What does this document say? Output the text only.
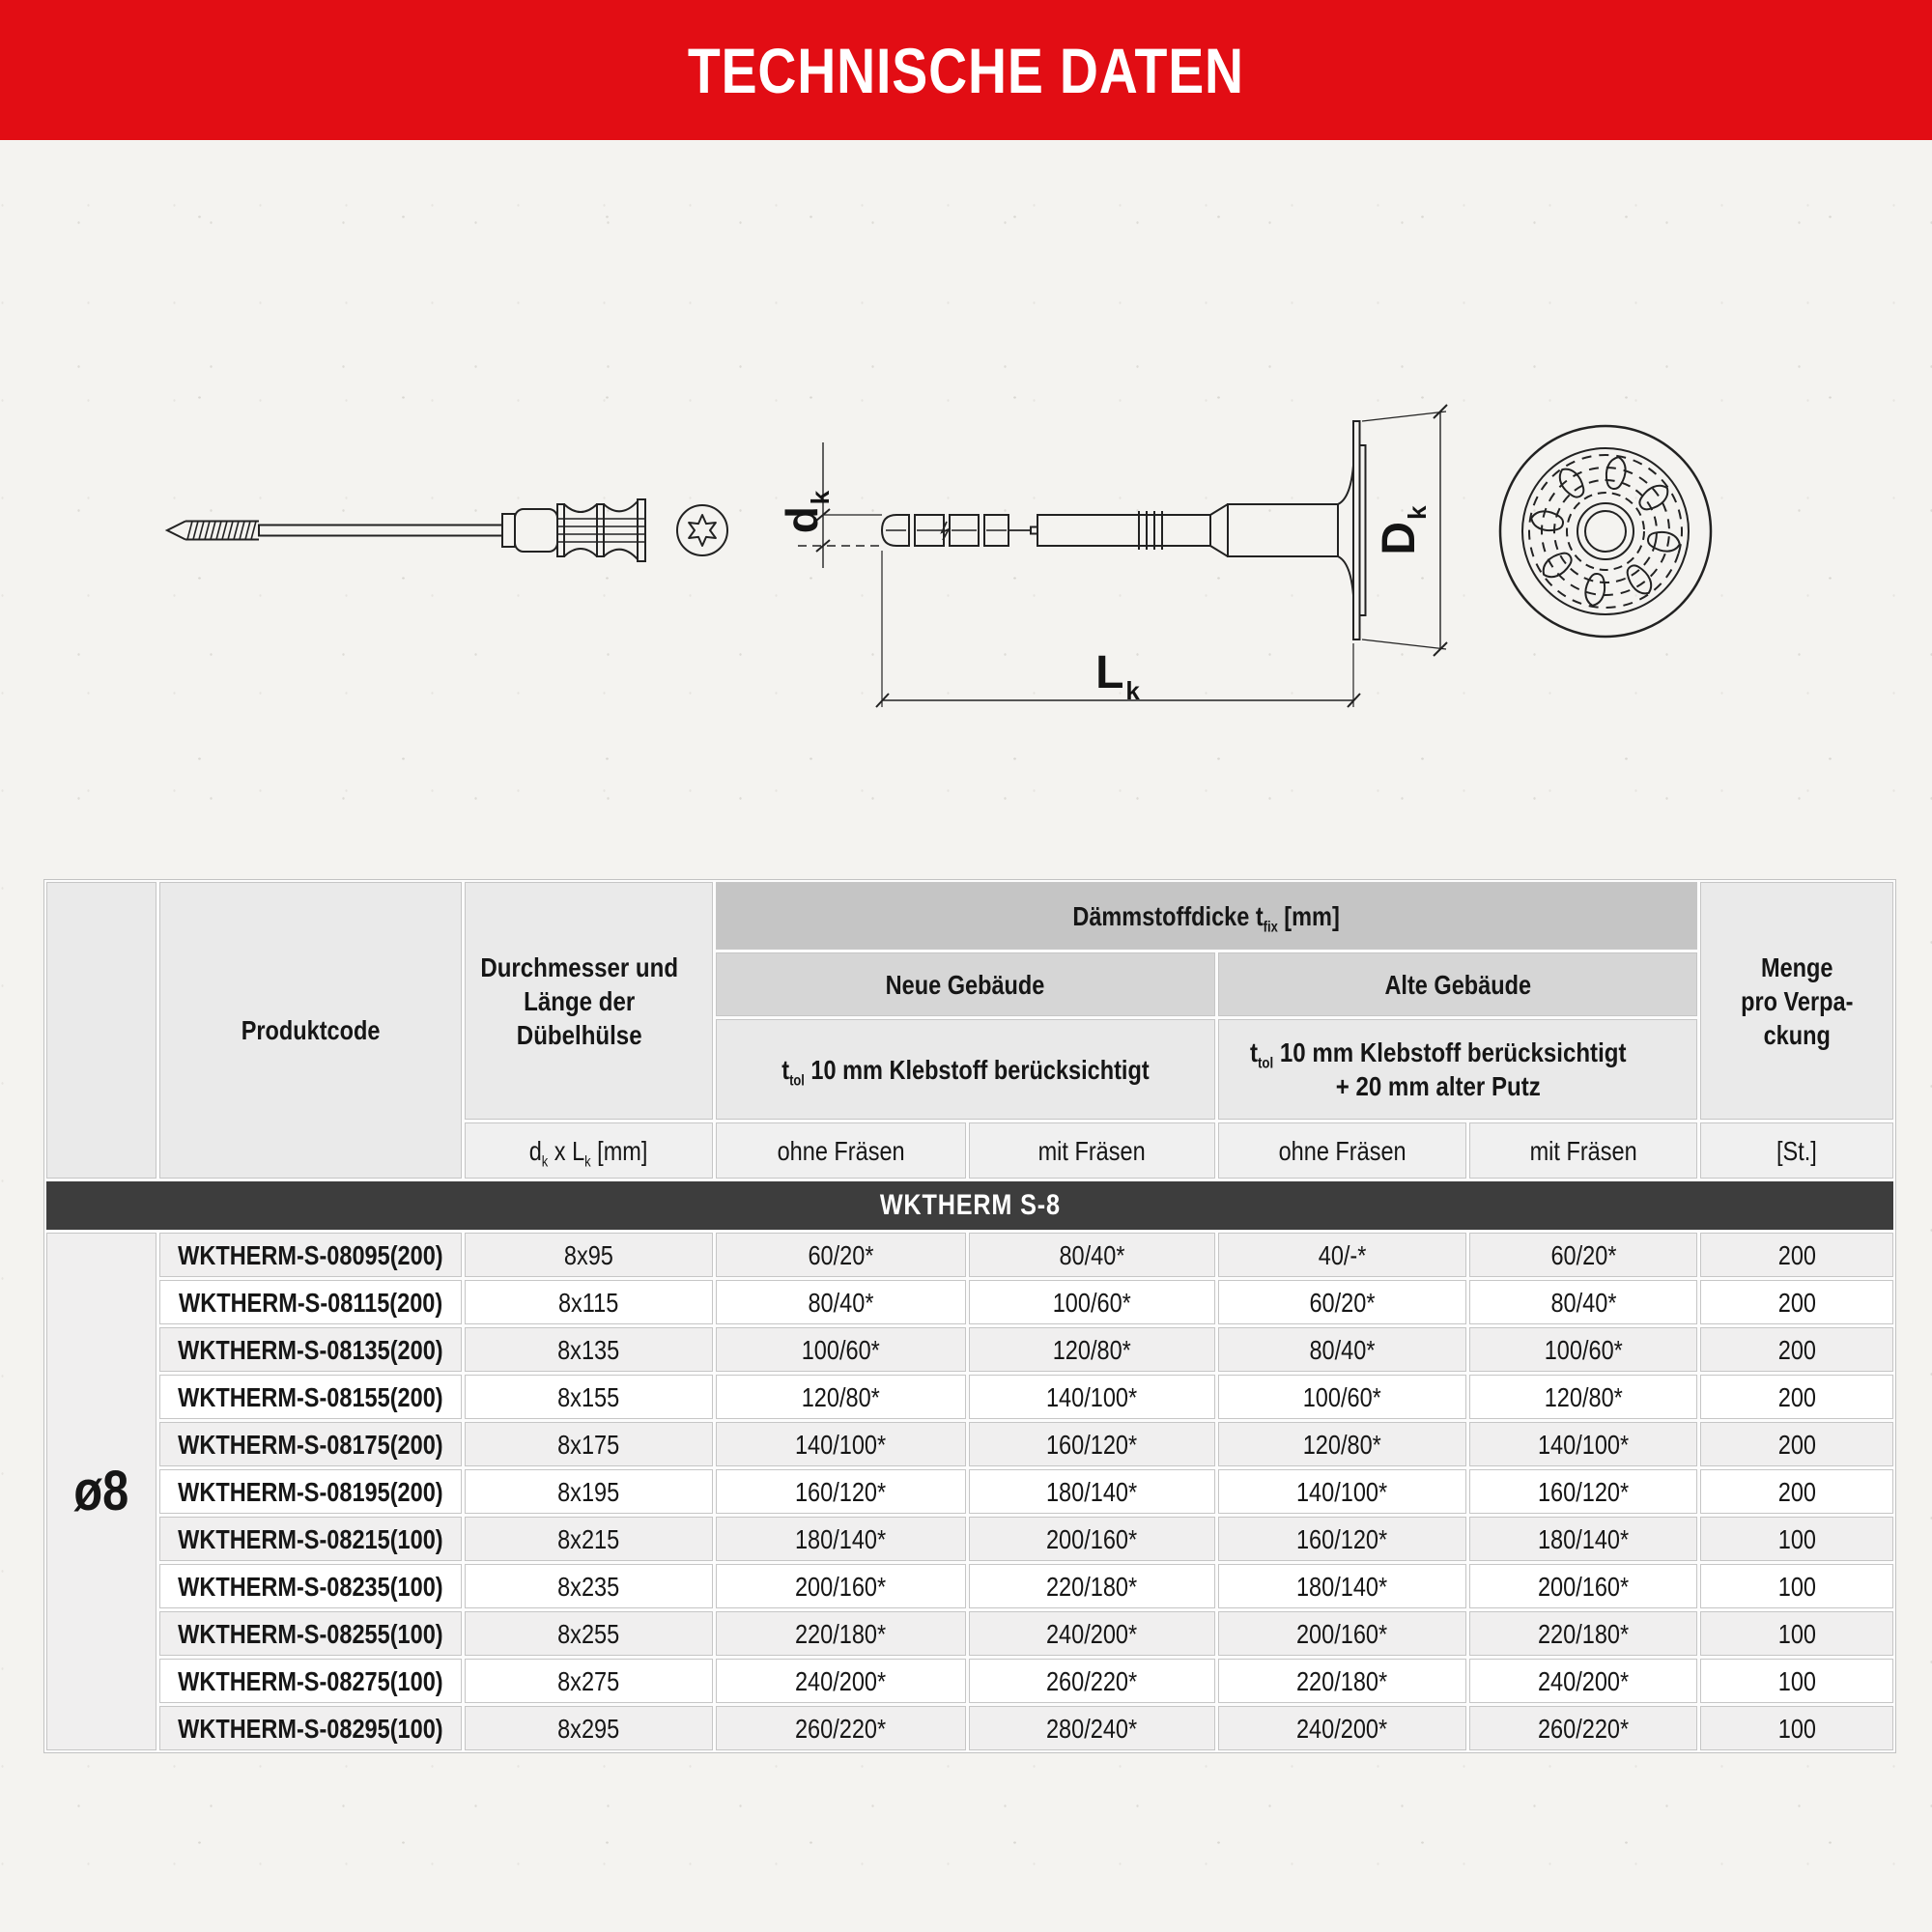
TECHNISCHE DATEN
$d_k$
$D_k$
$L_k$
Produktcode
Durchmesser und Länge der Dübelhülse
Dämmstoffdicke $t_{fix}$ [mm]
Neue Gebäude	Alte Gebäude
$t_{tol}$ 10 mm Klebstoff berücksichtigt
$t_{tol}$ 10 mm Klebstoff berücksichtigt
+ 20 mm alter Putz
Menge
pro Verpa-
ckung
$d_k$ x $L_k$ [mm]	ohne Fräsen	mit Fräsen	ohne Fräsen	mit Fräsen	[St.]
WKTHERM S-8
ø8
WKTHERM-S-08095(200)	8x95	60/20*	80/40*	40/-*	60/20*	200
WKTHERM-S-08115(200)	8x115	80/40*	100/60*	60/20*	80/40*	200
WKTHERM-S-08135(200)	8x135	100/60*	120/80*	80/40*	100/60*	200
WKTHERM-S-08155(200)	8x155	120/80*	140/100*	100/60*	120/80*	200
WKTHERM-S-08175(200)	8x175	140/100*	160/120*	120/80*	140/100*	200
WKTHERM-S-08195(200)	8x195	160/120*	180/140*	140/100*	160/120*	200
WKTHERM-S-08215(100)	8x215	180/140*	200/160*	160/120*	180/140*	100
WKTHERM-S-08235(100)	8x235	200/160*	220/180*	180/140*	200/160*	100
WKTHERM-S-08255(100)	8x255	220/180*	240/200*	200/160*	220/180*	100
WKTHERM-S-08275(100)	8x275	240/200*	260/220*	220/180*	240/200*	100
WKTHERM-S-08295(100)	8x295	260/220*	280/240*	240/200*	260/220*	100
